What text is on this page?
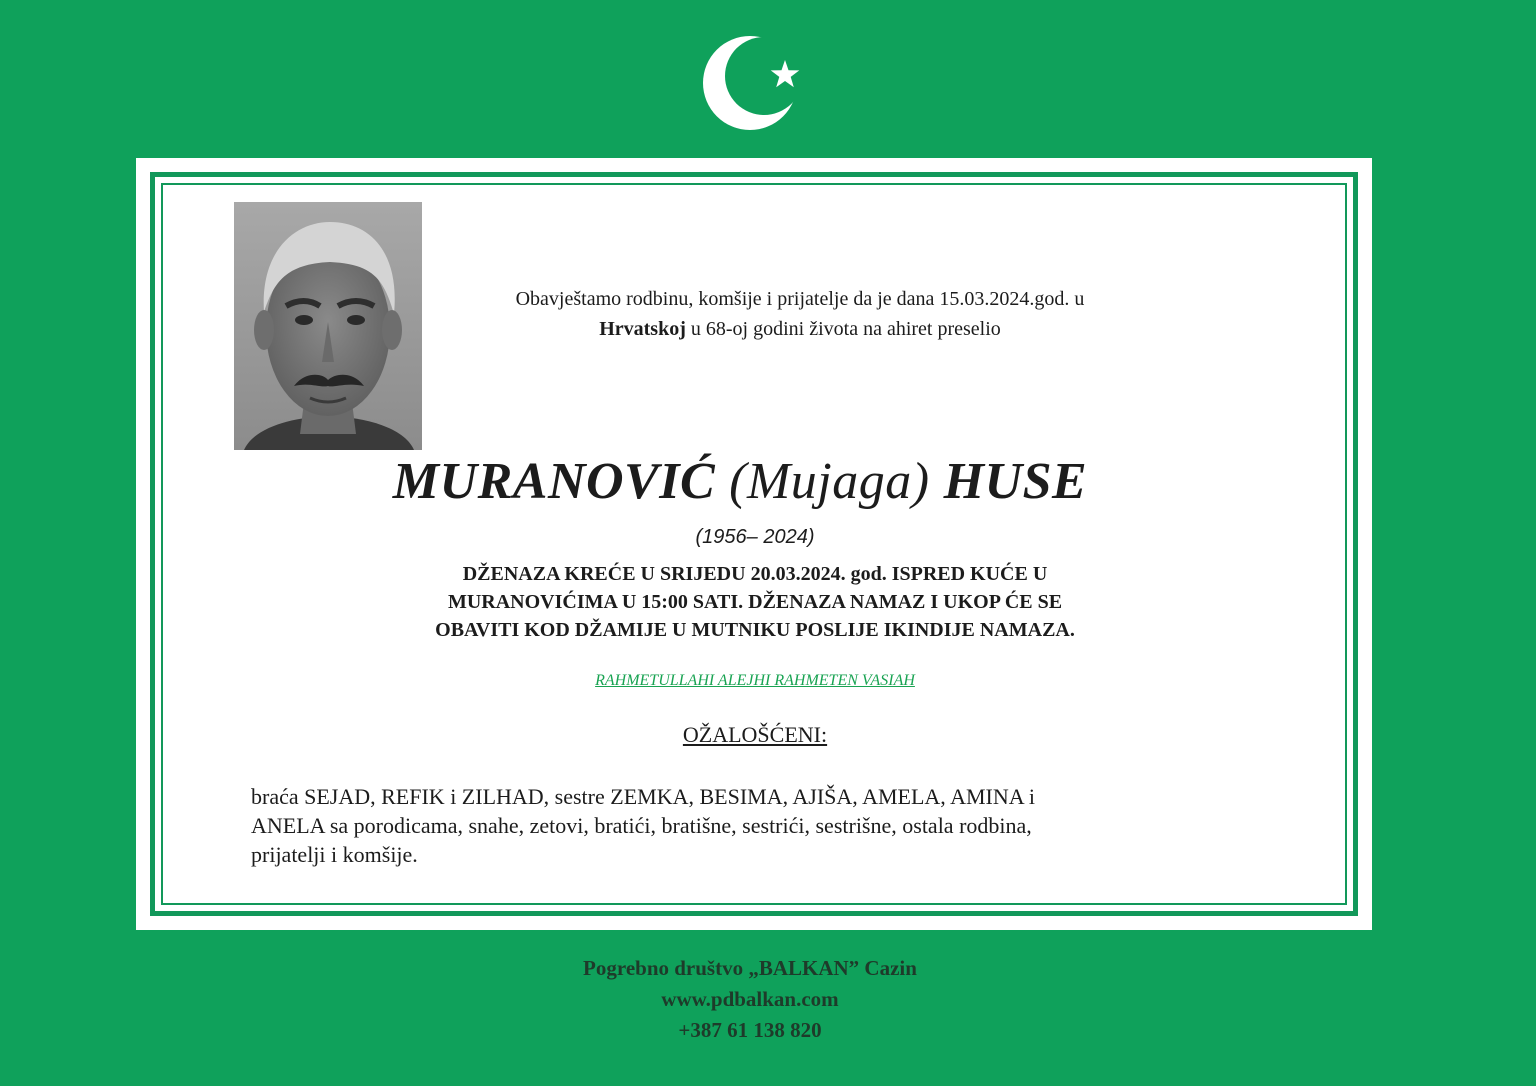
Obavještamo rodbinu, komšije i prijatelje da je dana 15.03.2024.god. u
Hrvatskoj u 68-oj godini života na ahiret preselio
MURANOVIĆ (Mujaga) HUSE
(1956– 2024)
DŽENAZA KREĆE U SRIJEDU 20.03.2024. god. ISPRED KUĆE U
MURANOVIĆIMA U 15:00 SATI. DŽENAZA NAMAZ I UKOP ĆE SE
OBAVITI KOD DŽAMIJE U MUTNIKU POSLIJE IKINDIJE NAMAZA.
RAHMETULLAHI ALEJHI RAHMETEN VASIAH
OŽALOŠĆENI:
braća SEJAD, REFIK i ZILHAD, sestre ZEMKA, BESIMA, AJIŠA, AMELA, AMINA i
ANELA sa porodicama, snahe, zetovi, bratići, bratišne, sestrići, sestrišne, ostala rodbina,
prijatelji i komšije.
Pogrebno društvo „BALKAN” Cazin
www.pdbalkan.com
+387 61 138 820
